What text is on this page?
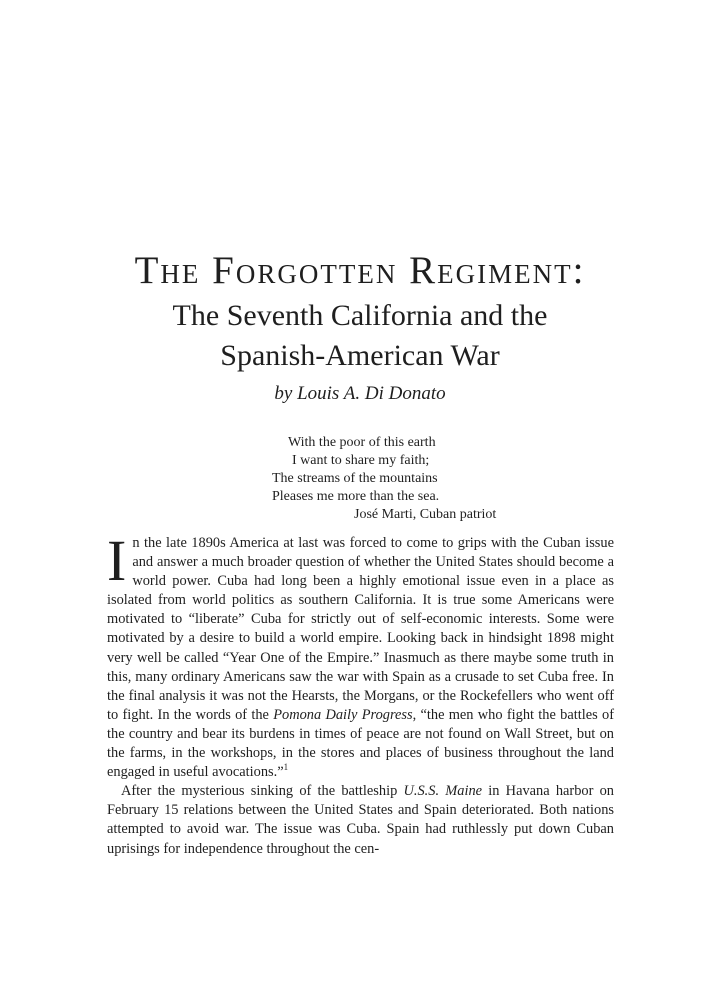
The Forgotten Regiment:
The Seventh California and the
Spanish-American War
by Louis A. Di Donato
With the poor of this earth
I want to share my faith;
The streams of the mountains
Pleases me more than the sea.
José Marti, Cuban patriot

In the late 1890s America at last was forced to come to grips with the Cuban issue and answer a much broader question of whether the United States should become a world power. Cuba had long been a highly emotional issue even in a place as isolated from world politics as southern California. It is true some Americans were motivated to “liberate” Cuba for strictly out of self-economic interests. Some were motivated by a desire to build a world empire. Looking back in hindsight 1898 might very well be called “Year One of the Empire.” Inasmuch as there maybe some truth in this, many ordinary Americans saw the war with Spain as a crusade to set Cuba free. In the final analysis it was not the Hearsts, the Morgans, or the Rockefellers who went off to fight. In the words of the Pomona Daily Progress, “the men who fight the battles of the country and bear its burdens in times of peace are not found on Wall Street, but on the farms, in the workshops, in the stores and places of business throughout the land engaged in useful avocations.”$^1$

After the mysterious sinking of the battleship U.S.S. Maine in Havana harbor on February 15 relations between the United States and Spain deteriorated. Both nations attempted to avoid war. The issue was Cuba. Spain had ruthlessly put down Cuban uprisings for independence throughout the cen-
